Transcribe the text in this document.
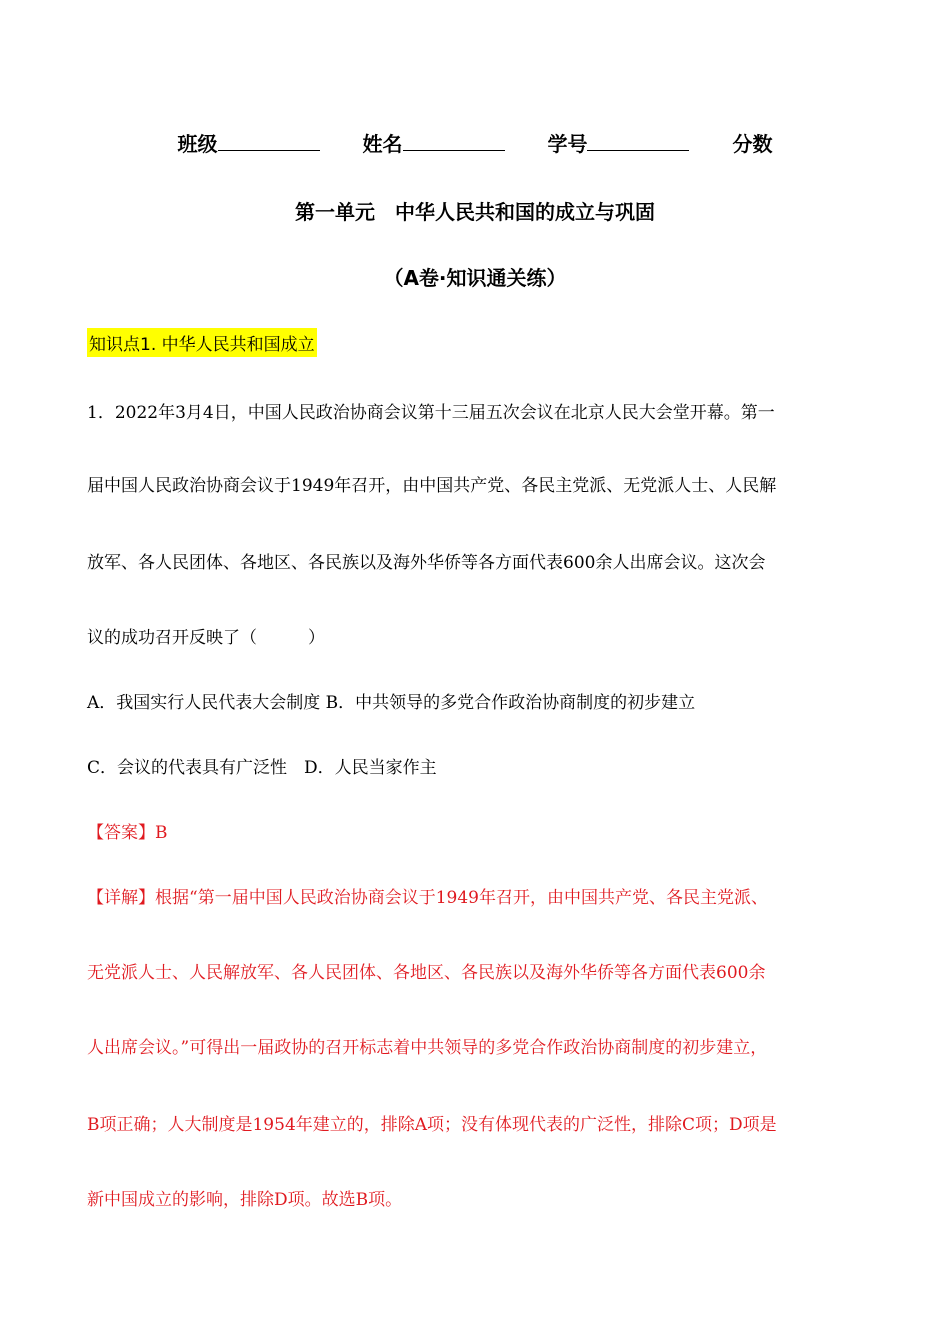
班级	姓名	学号	分数
第一单元　中华人民共和国的成立与巩固
（A卷·知识通关练）
知识点1. 中华人民共和国成立
1．2022年3月4日，中国人民政治协商会议第十三届五次会议在北京人民大会堂开幕。第一
届中国人民政治协商会议于1949年召开，由中国共产党、各民主党派、无党派人士、人民解
放军、各人民团体、各地区、各民族以及海外华侨等各方面代表600余人出席会议。这次会
议的成功召开反映了（　　　）
A．我国实行人民代表大会制度 B．中共领导的多党合作政治协商制度的初步建立
C．会议的代表具有广泛性　D．人民当家作主
【答案】B
【详解】根据“第一届中国人民政治协商会议于1949年召开，由中国共产党、各民主党派、
无党派人士、人民解放军、各人民团体、各地区、各民族以及海外华侨等各方面代表600余
人出席会议。”可得出一届政协的召开标志着中共领导的多党合作政治协商制度的初步建立，
B项正确；人大制度是1954年建立的，排除A项；没有体现代表的广泛性，排除C项；D项是
新中国成立的影响，排除D项。故选B项。
